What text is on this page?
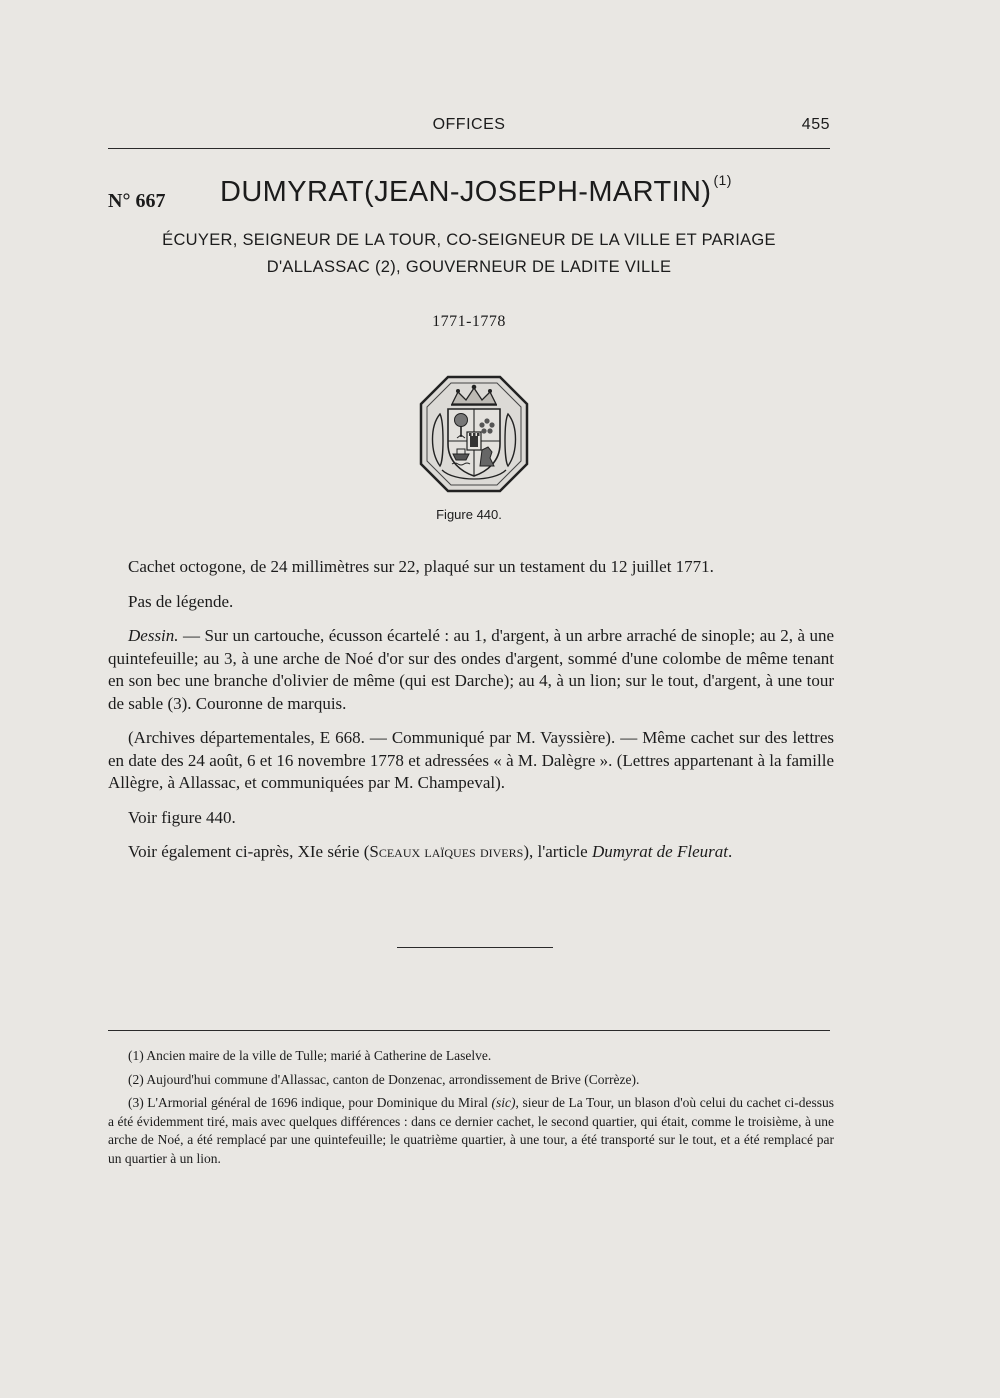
OFFICES	455
N° 667 DUMYRAT(JEAN-JOSEPH-MARTIN) $^{(1)}$
ÉCUYER, SEIGNEUR DE LA TOUR, CO-SEIGNEUR DE LA VILLE ET PARIAGE
D'ALLASSAC (2), GOUVERNEUR DE LADITE VILLE
1771-1778
Figure 440.

Cachet octogone, de 24 millimètres sur 22, plaqué sur un testament du 12 juillet 1771.

Pas de légende.

Dessin. — Sur un cartouche, écusson écartelé : au 1, d'argent, à un arbre arraché de sinople; au 2, à une quintefeuille; au 3, à une arche de Noé d'or sur des ondes d'argent, sommé d'une colombe de même tenant en son bec une branche d'olivier de même (qui est Darche); au 4, à un lion; sur le tout, d'argent, à une tour de sable (3). Couronne de marquis.

(Archives départementales, E 668. — Communiqué par M. Vayssière). — Même cachet sur des lettres en date des 24 août, 6 et 16 novembre 1778 et adressées « à M. Dalègre ». (Lettres appartenant à la famille Allègre, à Allassac, et communiquées par M. Champeval).

Voir figure 440.

Voir également ci-après, XIe série (Sceaux laïques divers), l'article Dumyrat de Fleurat.

(1) Ancien maire de la ville de Tulle; marié à Catherine de Laselve.

(2) Aujourd'hui commune d'Allassac, canton de Donzenac, arrondissement de Brive (Corrèze).

(3) L'Armorial général de 1696 indique, pour Dominique du Miral (sic), sieur de La Tour, un blason d'où celui du cachet ci-dessus a été évidemment tiré, mais avec quelques différences : dans ce dernier cachet, le second quartier, qui était, comme le troisième, à une arche de Noé, a été remplacé par une quintefeuille; le quatrième quartier, à une tour, a été transporté sur le tout, et a été remplacé par un quartier à un lion.
